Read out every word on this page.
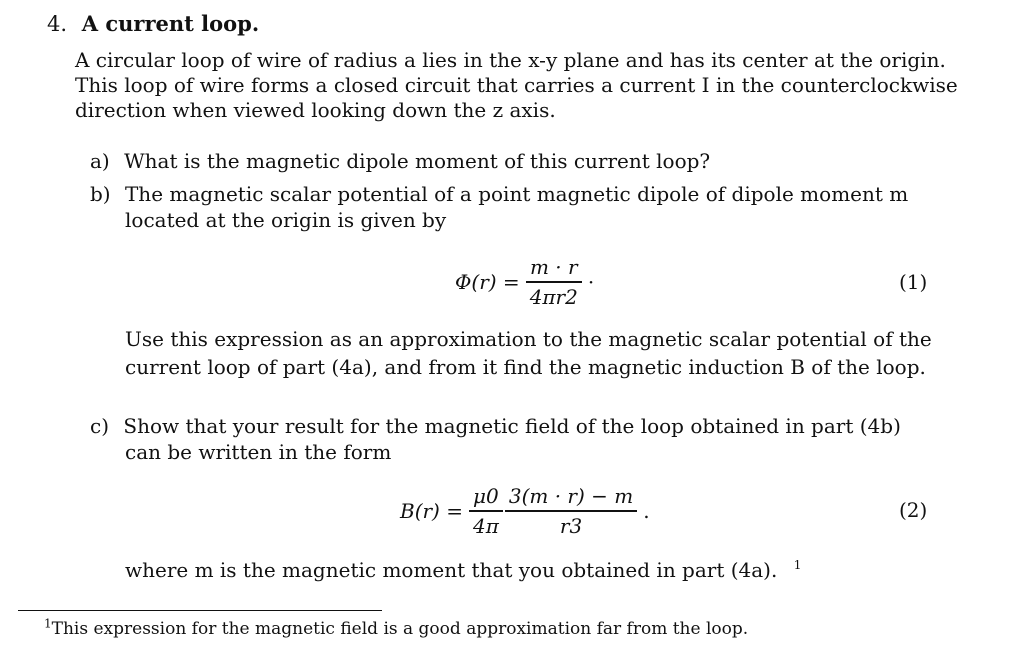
4. A current loop.
A circular loop of wire of radius a lies in the x-y plane and has its center at the origin.
This loop of wire forms a closed circuit that carries a current I in the counterclockwise
direction when viewed looking down the z axis.
a) What is the magnetic dipole moment of this current loop?
b) The magnetic scalar potential of a point magnetic dipole of dipole moment m
located at the origin is given by
$\Phi(r) = \frac{m \cdot r}{4\pi r2}$ ·	(1)
Use this expression as an approximation to the magnetic scalar potential of the
current loop of part (4a), and from it find the magnetic induction B of the loop.
c) Show that your result for the magnetic field of the loop obtained in part (4b)
can be written in the form
$B(r) = \frac{\mu 0}{4\pi} \frac{3(m \cdot r) - m}{r3}$ .	(2)
where m is the magnetic moment that you obtained in part (4a). $^1$
$^1$This expression for the magnetic field is a good approximation far from the loop.
